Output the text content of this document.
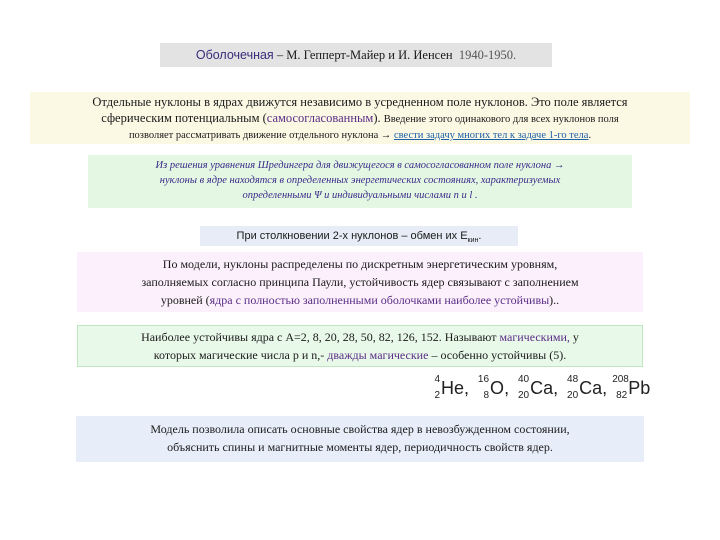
Оболочечная – М. Гепперт-Майер и И. Иенсен 1940-1950.
Отдельные нуклоны в ядрах движутся независимо в усредненном поле нуклонов. Это поле является
сферическим потенциальным (самосогласованным). Введение этого одинакового для всех нуклонов поля
позволяет рассматривать движение отдельного нуклона → свести задачу многих тел к задаче 1-го тела.
Из решения уравнения Шредингера для движущегося в самосогласованном поле нуклона →
нуклоны в ядре находятся в определенных энергетических состояниях, характеризуемых
определенными Ψ и индивидуальными числами n и l .
При столкновении 2-х нуклонов – обмен их $E_{кин}$.
По модели, нуклоны распределены по дискретным энергетическим уровням,
заполняемых согласно принципа Паули, устойчивость ядер связывают с заполнением
уровней (ядра с полностью заполненными оболочками наиболее устойчивы)..
Наиболее устойчивы ядра с A=2, 8, 20, 28, 50, 82, 126, 152. Называют магическими, у
которых магические числа p и n,- дважды магические – особенно устойчивы (5).
4
2 He, 16
8 O, 40
20 Ca, 48
20 Ca, 208
82 Pb
Модель позволила описать основные свойства ядер в невозбужденном состоянии,
объяснить спины и магнитные моменты ядер, периодичность свойств ядер.
